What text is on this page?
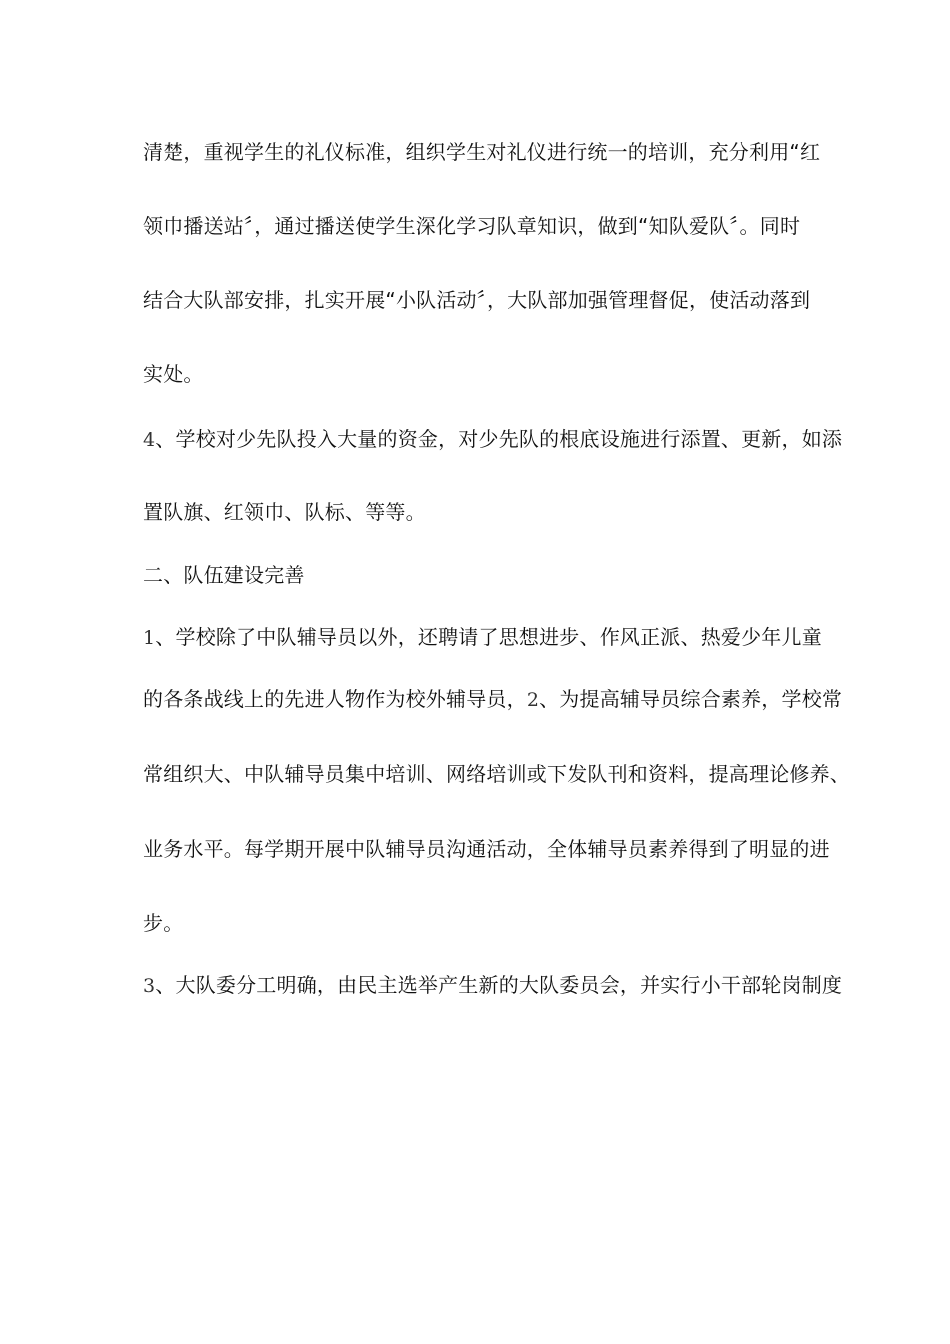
清楚，重视学生的礼仪标准，组织学生对礼仪进行统一的培训，充分利用“红
领巾播送站〞，通过播送使学生深化学习队章知识，做到“知队爱队〞。同时
结合大队部安排，扎实开展“小队活动〞，大队部加强管理督促，使活动落到
实处。
4、学校对少先队投入大量的资金，对少先队的根底设施进行添置、更新，如添
置队旗、红领巾、队标、等等。
二、队伍建设完善
1、学校除了中队辅导员以外，还聘请了思想进步、作风正派、热爱少年儿童
的各条战线上的先进人物作为校外辅导员，2、为提高辅导员综合素养，学校常
常组织大、中队辅导员集中培训、网络培训或下发队刊和资料，提高理论修养、
业务水平。每学期开展中队辅导员沟通活动，全体辅导员素养得到了明显的进
步。
3、大队委分工明确，由民主选举产生新的大队委员会，并实行小干部轮岗制度
